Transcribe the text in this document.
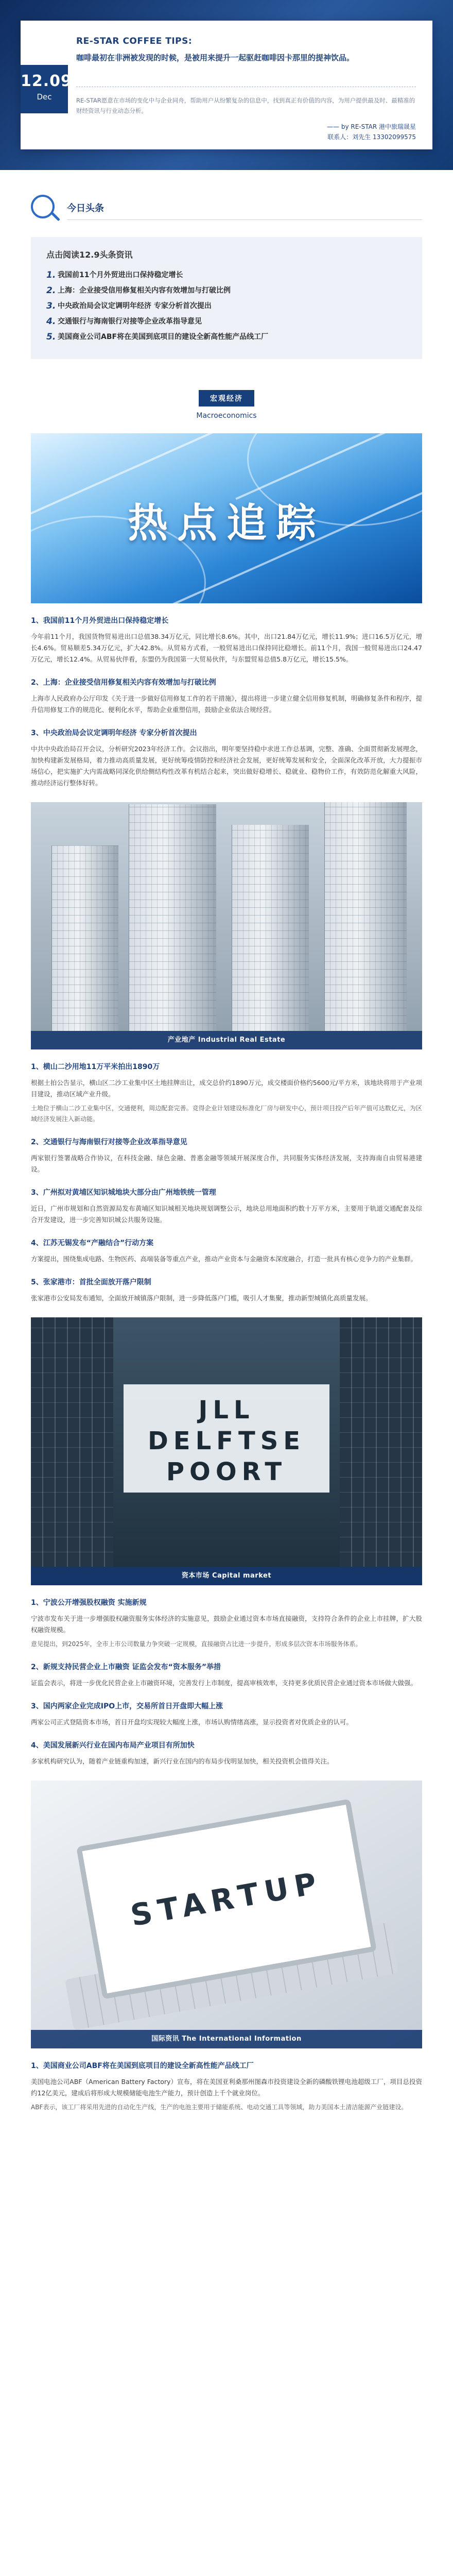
12.09
Dec
RE-STAR COFFEE TIPS:
咖啡最初在非洲被发现的时候，是被用来提升一起驱赶咖啡因卡那里的提神饮品。
RE-STAR愿意在市场的变化中与企业同舟，帮助用户从纷繁复杂的信息中，找到真正有价值的内容，为用户提供最及时、最精准的财经资讯与行业动态分析。
—— by RE-STAR 港中旅瑞晟星
联系人：刘先生 13302099575
今日头条
点击阅读12.9头条资讯
1. 我国前11个月外贸进出口保持稳定增长
2. 上海：企业接受信用修复相关内容有效增加与打破比例
3. 中央政治局会议定调明年经济 专家分析首次提出
4. 交通银行与海南银行对接等企业改革指导意见
5. 美国商业公司ABF将在美国到底项目的建设全新高性能产品线工厂
宏观经济
Macroeconomics
热点追踪
1、我国前11个月外贸进出口保持稳定增长
今年前11个月，我国货物贸易进出口总值38.34万亿元，同比增长8.6%。其中，出口21.84万亿元，增长11.9%；进口16.5万亿元，增长4.6%。贸易顺差5.34万亿元，扩大42.8%。从贸易方式看，一般贸易进出口保持同比稳增长。前11个月，我国一般贸易进出口24.47万亿元，增长12.4%。从贸易伙伴看，东盟仍为我国第一大贸易伙伴，与东盟贸易总值5.8万亿元，增长15.5%。
2、上海：企业接受信用修复相关内容有效增加与打破比例
上海市人民政府办公厅印发《关于进一步做好信用修复工作的若干措施》，提出将进一步建立健全信用修复机制，明确修复条件和程序，提升信用修复工作的规范化、便利化水平，帮助企业重塑信用，鼓励企业依法合规经营。
3、中央政治局会议定调明年经济 专家分析首次提出
中共中央政治局召开会议，分析研究2023年经济工作。会议指出，明年要坚持稳中求进工作总基调，完整、准确、全面贯彻新发展理念，加快构建新发展格局，着力推动高质量发展，更好统筹疫情防控和经济社会发展，更好统筹发展和安全，全面深化改革开放，大力提振市场信心，把实施扩大内需战略同深化供给侧结构性改革有机结合起来，突出做好稳增长、稳就业、稳物价工作，有效防范化解重大风险，推动经济运行整体好转。
产业地产 Industrial Real Estate
1、横山二沙用地11万平米拍出1890万
根据土拍公告显示，横山区二沙工业集中区土地挂牌出让，成交总价约1890万元，成交楼面价格约5600元/平方米，该地块将用于产业项目建设，推动区域产业升级。
土地位于横山二沙工业集中区，交通便利，周边配套完善。竞得企业计划建设标准化厂房与研发中心，预计项目投产后年产值可达数亿元，为区域经济发展注入新动能。
2、交通银行与海南银行对接等企业改革指导意见
两家银行签署战略合作协议，在科技金融、绿色金融、普惠金融等领域开展深度合作，共同服务实体经济发展，支持海南自由贸易港建设。
3、广州拟对黄埔区知识城地块大部分由广州地铁统一管理
近日，广州市规划和自然资源局发布黄埔区知识城相关地块规划调整公示，地块总用地面积约数十万平方米，主要用于轨道交通配套及综合开发建设，进一步完善知识城公共服务设施。
4、江苏无锡发布“产融结合”行动方案
方案提出，围绕集成电路、生物医药、高端装备等重点产业，推动产业资本与金融资本深度融合，打造一批具有核心竞争力的产业集群。
5、张家港市：首批全面放开落户限制
张家港市公安局发布通知，全面放开城镇落户限制，进一步降低落户门槛，吸引人才集聚，推动新型城镇化高质量发展。
JLL
DELFTSE
POORT
资本市场 Capital market
1、宁波公开增强股权融资 实施新规
宁波市发布关于进一步增强股权融资服务实体经济的实施意见，鼓励企业通过资本市场直接融资，支持符合条件的企业上市挂牌，扩大股权融资规模。
意见提出，到2025年，全市上市公司数量力争突破一定规模，直接融资占比进一步提升，形成多层次资本市场服务体系。
2、新规支持民营企业上市融资 证监会发布“资本服务”举措
证监会表示，将进一步优化民营企业上市融资环境，完善发行上市制度，提高审核效率，支持更多优质民营企业通过资本市场做大做强。
3、国内两家企业完成IPO上市，交易所首日开盘即大幅上涨
两家公司正式登陆资本市场，首日开盘均实现较大幅度上涨，市场认购情绪高涨，显示投资者对优质企业的认可。
4、美国发展新兴行业在国内布局产业项目有所加快
多家机构研究认为，随着产业链重构加速，新兴行业在国内的布局步伐明显加快，相关投资机会值得关注。
STARTUP
国际资讯 The International Information
1、美国商业公司ABF将在美国到底项目的建设全新高性能产品线工厂
美国电池公司ABF（American Battery Factory）宣布，将在美国亚利桑那州图森市投资建设全新的磷酸铁锂电池超级工厂，项目总投资约12亿美元，建成后将形成大规模储能电池生产能力，预计创造上千个就业岗位。
ABF表示，该工厂将采用先进的自动化生产线，生产的电池主要用于储能系统、电动交通工具等领域，助力美国本土清洁能源产业链建设。
